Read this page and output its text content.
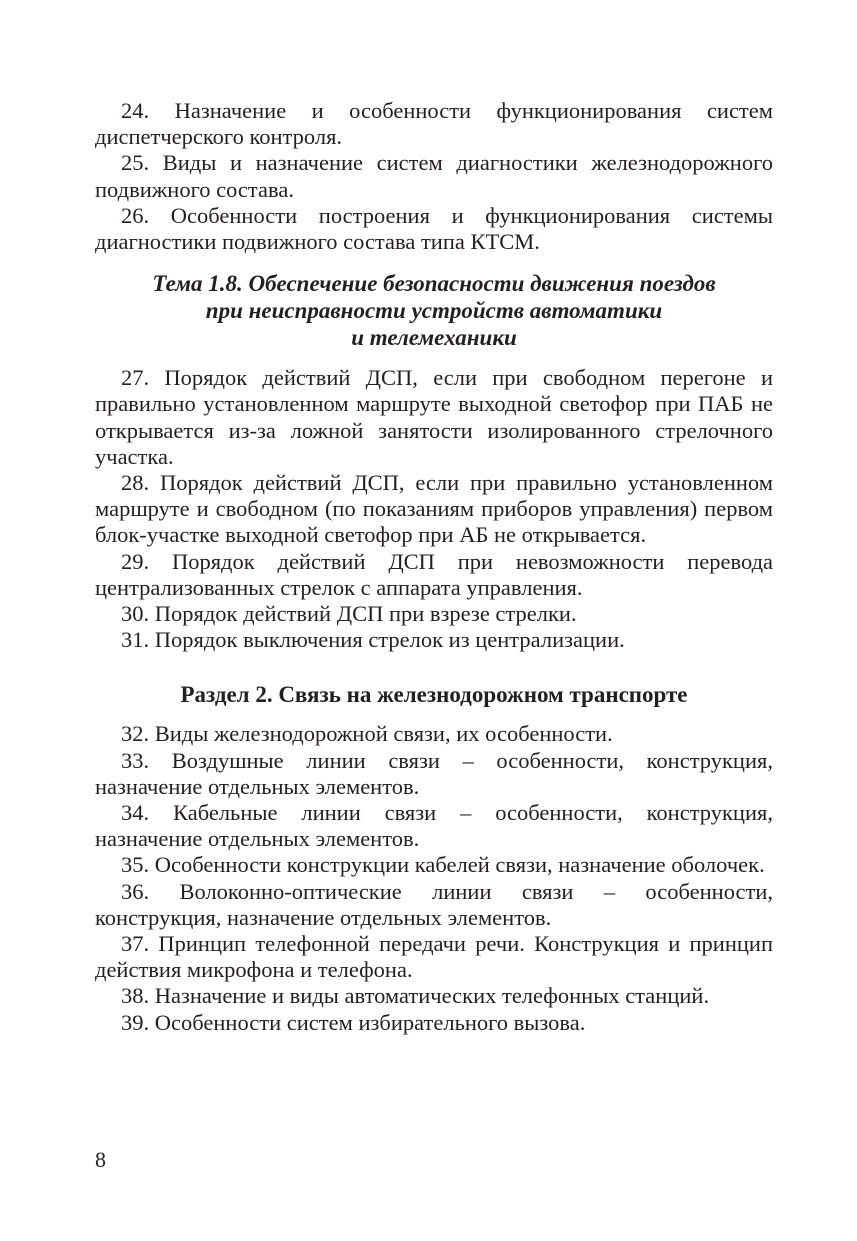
24. Назначение и особенности функционирования систем диспетчерского контроля.

25. Виды и назначение систем диагностики железнодорожного подвижного состава.

26. Особенности построения и функционирования системы диагностики подвижного состава типа КТСМ.

Тема 1.8. Обеспечение безопасности движения поездов
при неисправности устройств автоматики
и телемеханики

27. Порядок действий ДСП, если при свободном перегоне и правильно установленном маршруте выходной светофор при ПАБ не открывается из-за ложной занятости изолированного стрелочного участка.

28. Порядок действий ДСП, если при правильно установленном маршруте и свободном (по показаниям приборов управления) первом блок-участке выходной светофор при АБ не открывается.

29. Порядок действий ДСП при невозможности перевода централизованных стрелок с аппарата управления.

30. Порядок действий ДСП при взрезе стрелки.

31. Порядок выключения стрелок из централизации.

Раздел 2. Связь на железнодорожном транспорте

32. Виды железнодорожной связи, их особенности.

33. Воздушные линии связи – особенности, конструкция, назначение отдельных элементов.

34. Кабельные линии связи – особенности, конструкция, назначение отдельных элементов.

35. Особенности конструкции кабелей связи, назначение оболочек.

36. Волоконно-оптические линии связи – особенности, конструкция, назначение отдельных элементов.

37. Принцип телефонной передачи речи. Конструкция и принцип действия микрофона и телефона.

38. Назначение и виды автоматических телефонных станций.

39. Особенности систем избирательного вызова.

8
